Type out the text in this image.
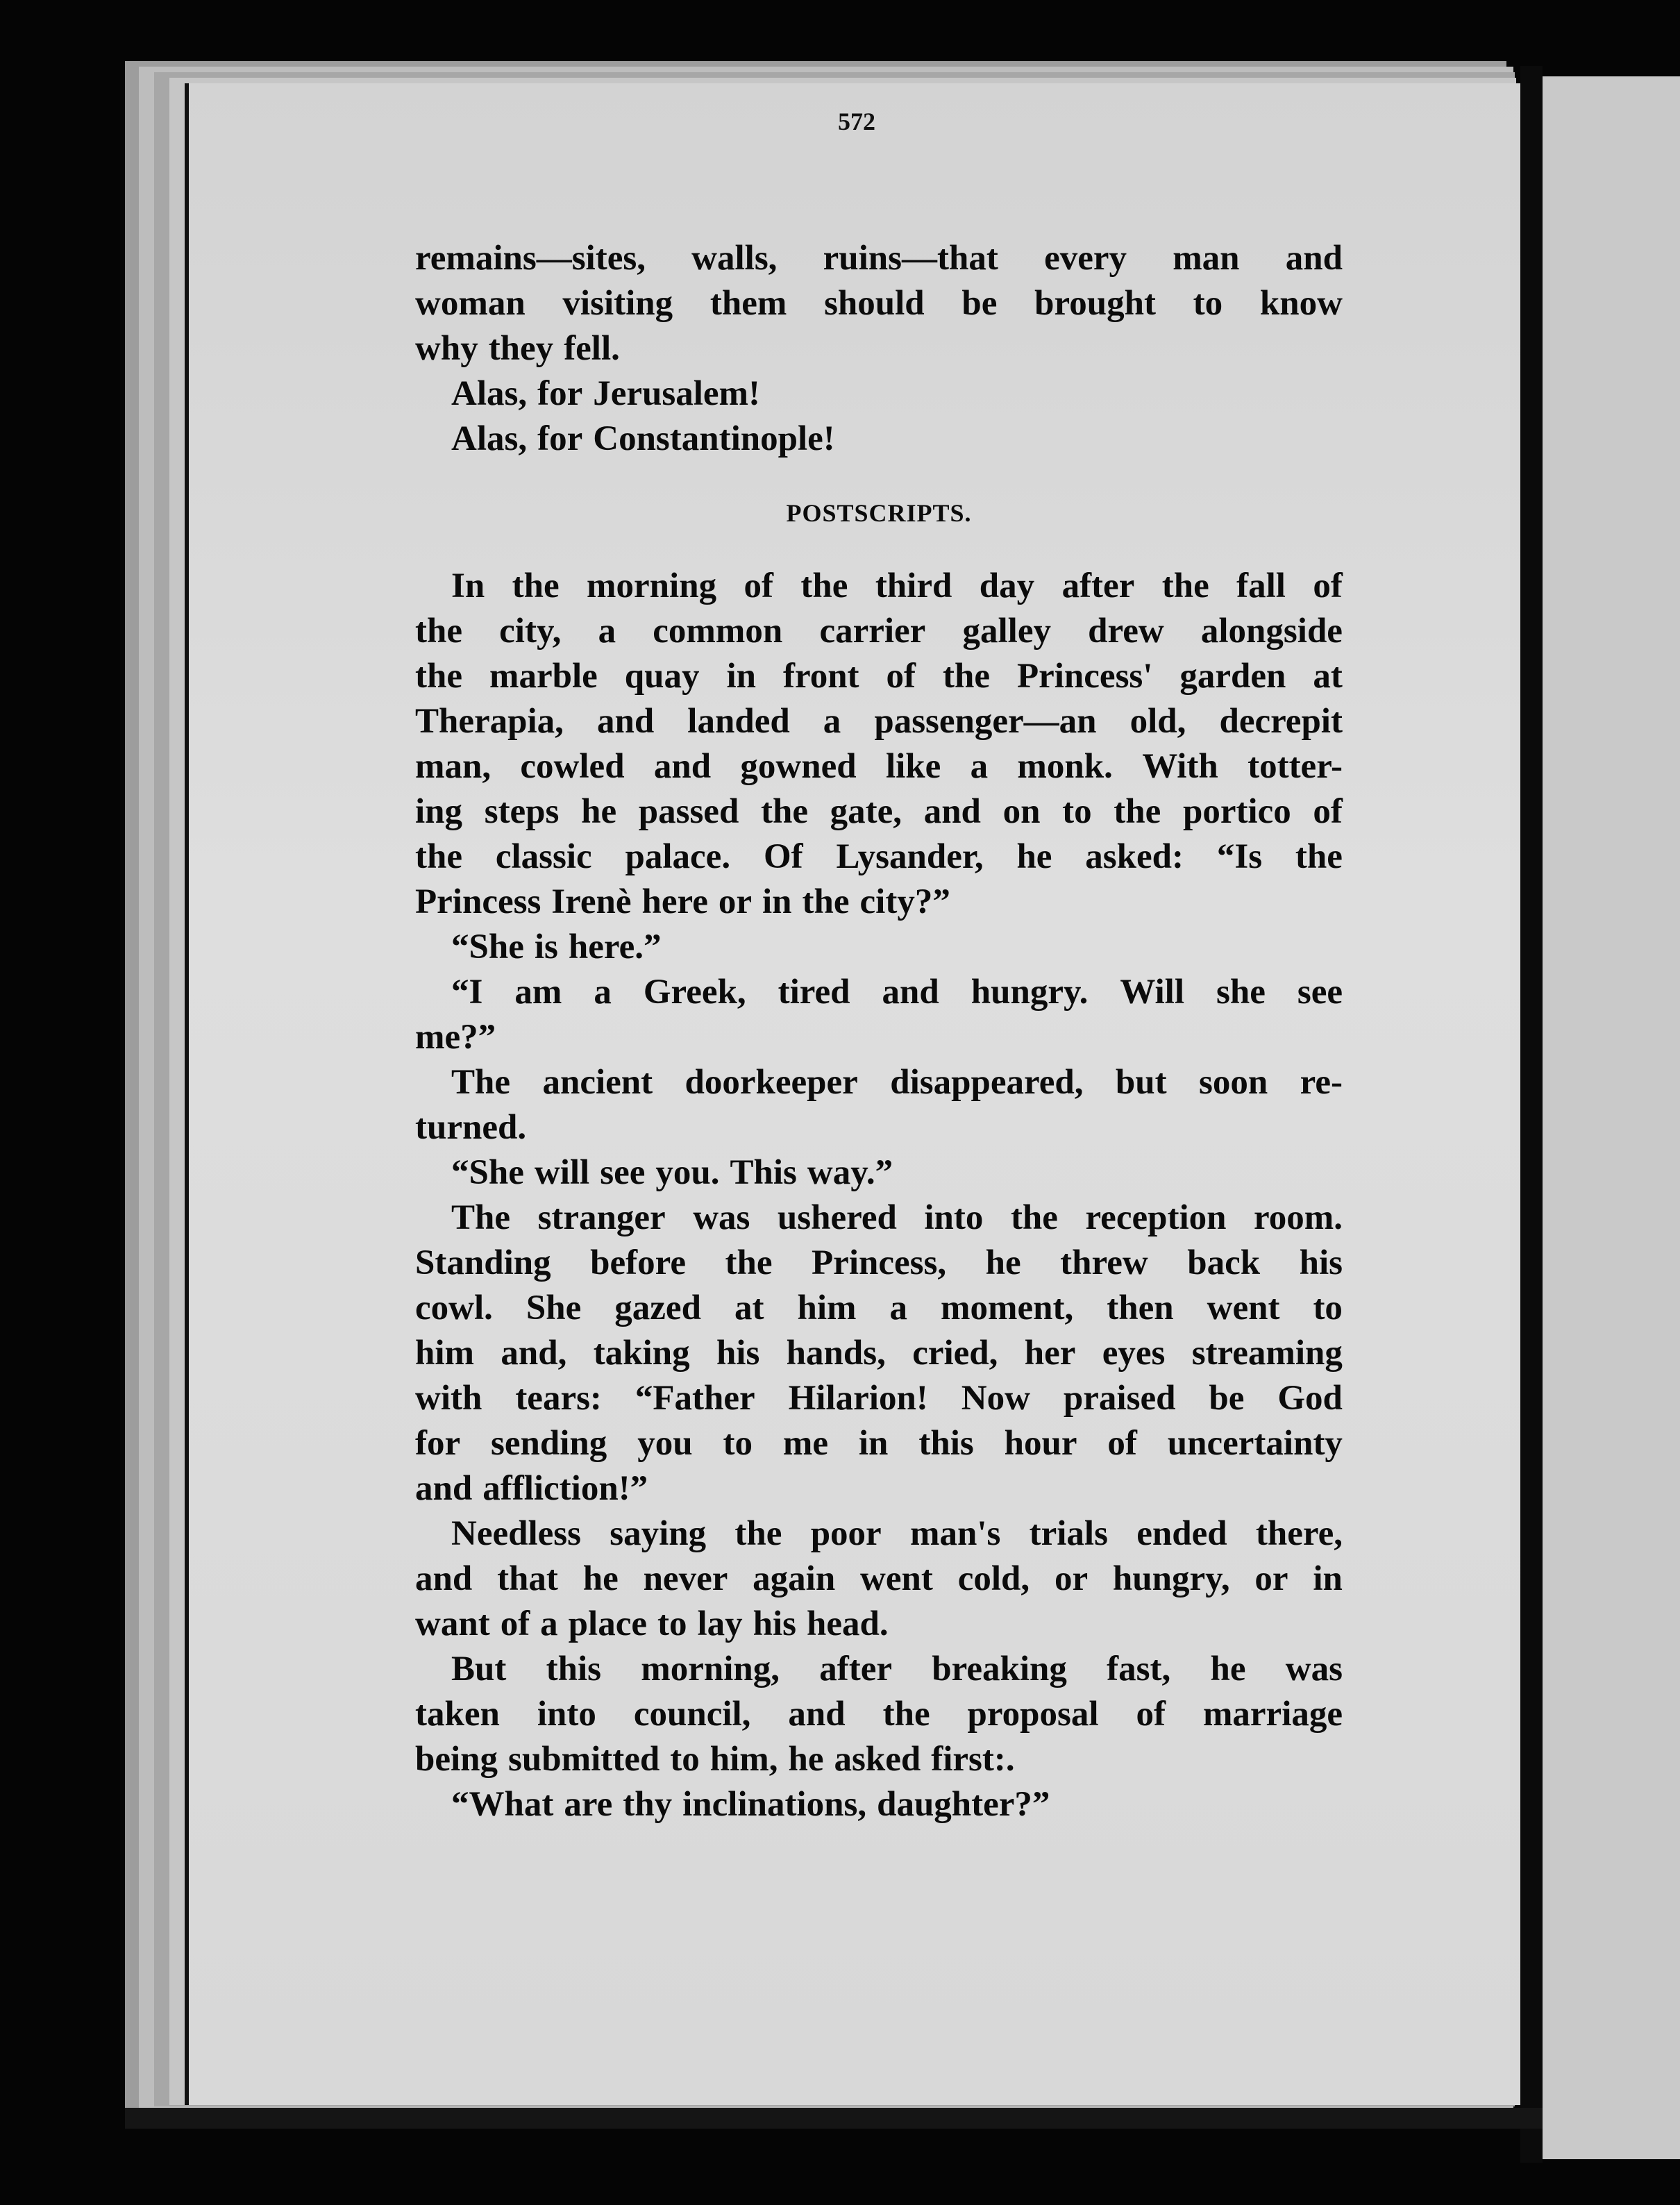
572
remains—sites, walls, ruins—that every man and
woman visiting them should be brought to know
why they fell.
Alas, for Jerusalem!
Alas, for Constantinople!
POSTSCRIPTS.
In the morning of the third day after the fall of
the city, a common carrier galley drew alongside
the marble quay in front of the Princess' garden at
Therapia, and landed a passenger—an old, decrepit
man, cowled and gowned like a monk. With totter-
ing steps he passed the gate, and on to the portico of
the classic palace. Of Lysander, he asked: “Is the
Princess Irenè here or in the city?”
“She is here.”
“I am a Greek, tired and hungry. Will she see
me?”
The ancient doorkeeper disappeared, but soon re-
turned.
“She will see you. This way.”
The stranger was ushered into the reception room.
Standing before the Princess, he threw back his
cowl. She gazed at him a moment, then went to
him and, taking his hands, cried, her eyes streaming
with tears: “Father Hilarion! Now praised be God
for sending you to me in this hour of uncertainty
and affliction!”
Needless saying the poor man's trials ended there,
and that he never again went cold, or hungry, or in
want of a place to lay his head.
But this morning, after breaking fast, he was
taken into council, and the proposal of marriage
being submitted to him, he asked first:.
“What are thy inclinations, daughter?”
